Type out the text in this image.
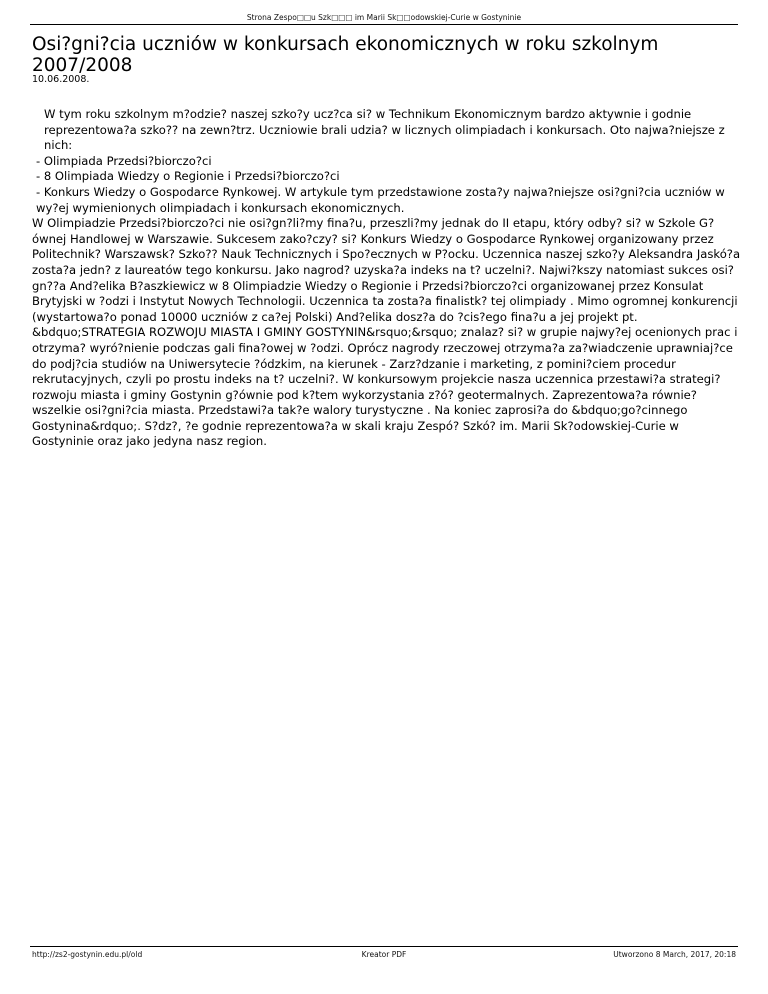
Strona Zespo□□u Szk□□□ im Marii Sk□□odowskiej-Curie w Gostyninie
Osi?gni?cia uczniów w konkursach ekonomicznych w roku szkolnym 2007/2008
10.06.2008.

W tym roku szkolnym m?odzie? naszej szko?y ucz?ca si? w Technikum Ekonomicznym bardzo aktywnie i godnie reprezentowa?a szko?? na zewn?trz. Uczniowie brali udzia? w licznych olimpiadach i konkursach. Oto najwa?niejsze z nich:

- Olimpiada Przedsi?biorczo?ci

- 8 Olimpiada Wiedzy o Regionie i Przedsi?biorczo?ci

- Konkurs Wiedzy o Gospodarce Rynkowej. W artykule tym przedstawione zosta?y najwa?niejsze osi?gni?cia uczniów w wy?ej wymienionych olimpiadach i konkursach ekonomicznych.

W Olimpiadzie Przedsi?biorczo?ci nie osi?gn?li?my fina?u, przeszli?my jednak do II etapu, który odby? si? w Szkole G?ównej Handlowej w Warszawie. Sukcesem zako?czy? si? Konkurs Wiedzy o Gospodarce Rynkowej organizowany przez Politechnik? Warszawsk? Szko?? Nauk Technicznych i Spo?ecznych w P?ocku. Uczennica naszej szko?y Aleksandra Jaskó?a zosta?a jedn? z laureatów tego konkursu. Jako nagrod? uzyska?a indeks na t? uczelni?. Najwi?kszy natomiast sukces osi?gn??a And?elika B?aszkiewicz w 8 Olimpiadzie Wiedzy o Regionie i Przedsi?biorczo?ci organizowanej przez Konsulat Brytyjski w ?odzi i Instytut Nowych Technologii. Uczennica ta zosta?a finalistk? tej olimpiady . Mimo ogromnej konkurencji (wystartowa?o ponad 10000 uczniów z ca?ej Polski) And?elika dosz?a do ?cis?ego fina?u a jej projekt pt. &bdquo;STRATEGIA ROZWOJU MIASTA I GMINY GOSTYNIN&rsquo;&rsquo; znalaz? si? w grupie najwy?ej ocenionych prac i otrzyma? wyró?nienie podczas gali fina?owej w ?odzi. Oprócz nagrody rzeczowej otrzyma?a za?wiadczenie uprawniaj?ce do podj?cia studiów na Uniwersytecie ?ódzkim, na kierunek - Zarz?dzanie i marketing, z pomini?ciem procedur rekrutacyjnych, czyli po prostu indeks na t? uczelni?. W konkursowym projekcie nasza uczennica przestawi?a strategi? rozwoju miasta i gminy Gostynin g?ównie pod k?tem wykorzystania z?ó? geotermalnych. Zaprezentowa?a równie? wszelkie osi?gni?cia miasta. Przedstawi?a tak?e walory turystyczne . Na koniec zaprosi?a do &bdquo;go?cinnego Gostynina&rdquo;. S?dz?, ?e godnie reprezentowa?a w skali kraju Zespó? Szkó? im. Marii Sk?odowskiej-Curie w Gostyninie oraz jako jedyna nasz region.

http://zs2-gostynin.edu.pl/old	Kreator PDF	Utworzono 8 March, 2017, 20:18
